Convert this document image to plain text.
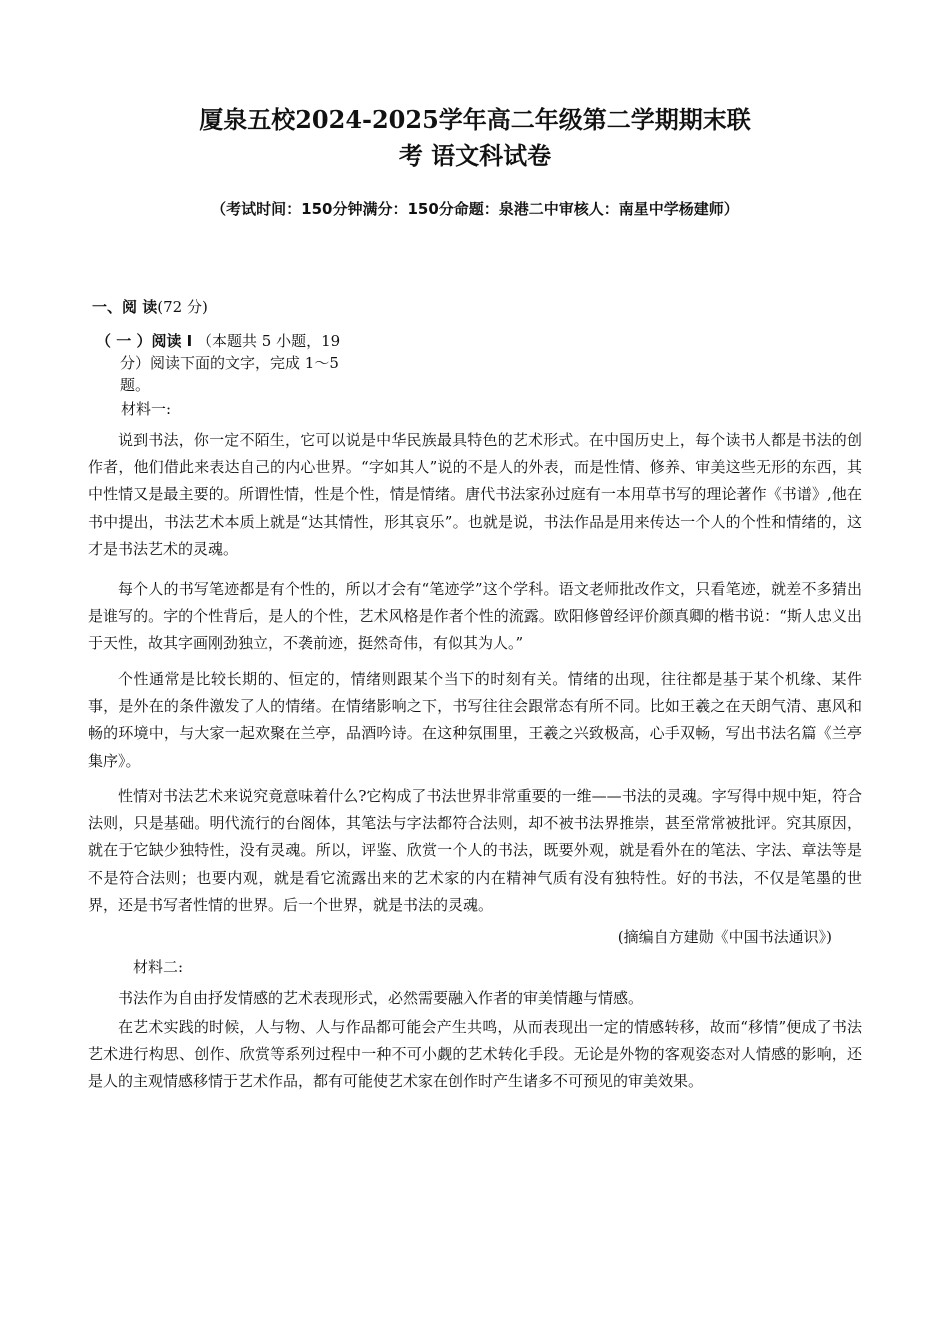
厦泉五校2024-2025学年高二年级第二学期期末联
考 语文科试卷
（考试时间：150分钟满分：150分命题：泉港二中审核人：南星中学杨建师）
一、阅 读(72 分)
（ 一 ）阅读 I （本题共 5 小题，19
分）阅读下面的文字，完成 1～5
题。
材料一:

说到书法，你一定不陌生，它可以说是中华民族最具特色的艺术形式。在中国历史上，每个读书人都是书法的创作者，他们借此来表达自己的内心世界。“字如其人”说的不是人的外表，而是性情、修养、审美这些无形的东西，其中性情又是最主要的。所谓性情，性是个性，情是情绪。唐代书法家孙过庭有一本用草书写的理论著作《书谱》,他在书中提出，书法艺术本质上就是“达其情性，形其哀乐”。也就是说，书法作品是用来传达一个人的个性和情绪的，这才是书法艺术的灵魂。

每个人的书写笔迹都是有个性的，所以才会有“笔迹学”这个学科。语文老师批改作文，只看笔迹，就差不多猜出是谁写的。字的个性背后，是人的个性，艺术风格是作者个性的流露。欧阳修曾经评价颜真卿的楷书说：“斯人忠义出于天性，故其字画刚劲独立，不袭前迹，挺然奇伟，有似其为人。”

个性通常是比较长期的、恒定的，情绪则跟某个当下的时刻有关。情绪的出现，往往都是基于某个机缘、某件事，是外在的条件激发了人的情绪。在情绪影响之下，书写往往会跟常态有所不同。比如王羲之在天朗气清、惠风和畅的环境中，与大家一起欢聚在兰亭，品酒吟诗。在这种氛围里，王羲之兴致极高，心手双畅，写出书法名篇《兰亭集序》。

性情对书法艺术来说究竟意味着什么?它构成了书法世界非常重要的一维——书法的灵魂。字写得中规中矩，符合法则，只是基础。明代流行的台阁体，其笔法与字法都符合法则，却不被书法界推崇，甚至常常被批评。究其原因，就在于它缺少独特性，没有灵魂。所以，评鉴、欣赏一个人的书法，既要外观，就是看外在的笔法、字法、章法等是不是符合法则；也要内观，就是看它流露出来的艺术家的内在精神气质有没有独特性。好的书法，不仅是笔墨的世界，还是书写者性情的世界。后一个世界，就是书法的灵魂。

(摘编自方建勋《中国书法通识》)
材料二:

书法作为自由抒发情感的艺术表现形式，必然需要融入作者的审美情趣与情感。

在艺术实践的时候，人与物、人与作品都可能会产生共鸣，从而表现出一定的情感转移，故而“移情”便成了书法艺术进行构思、创作、欣赏等系列过程中一种不可小觑的艺术转化手段。无论是外物的客观姿态对人情感的影响，还是人的主观情感移情于艺术作品，都有可能使艺术家在创作时产生诸多不可预见的审美效果。
